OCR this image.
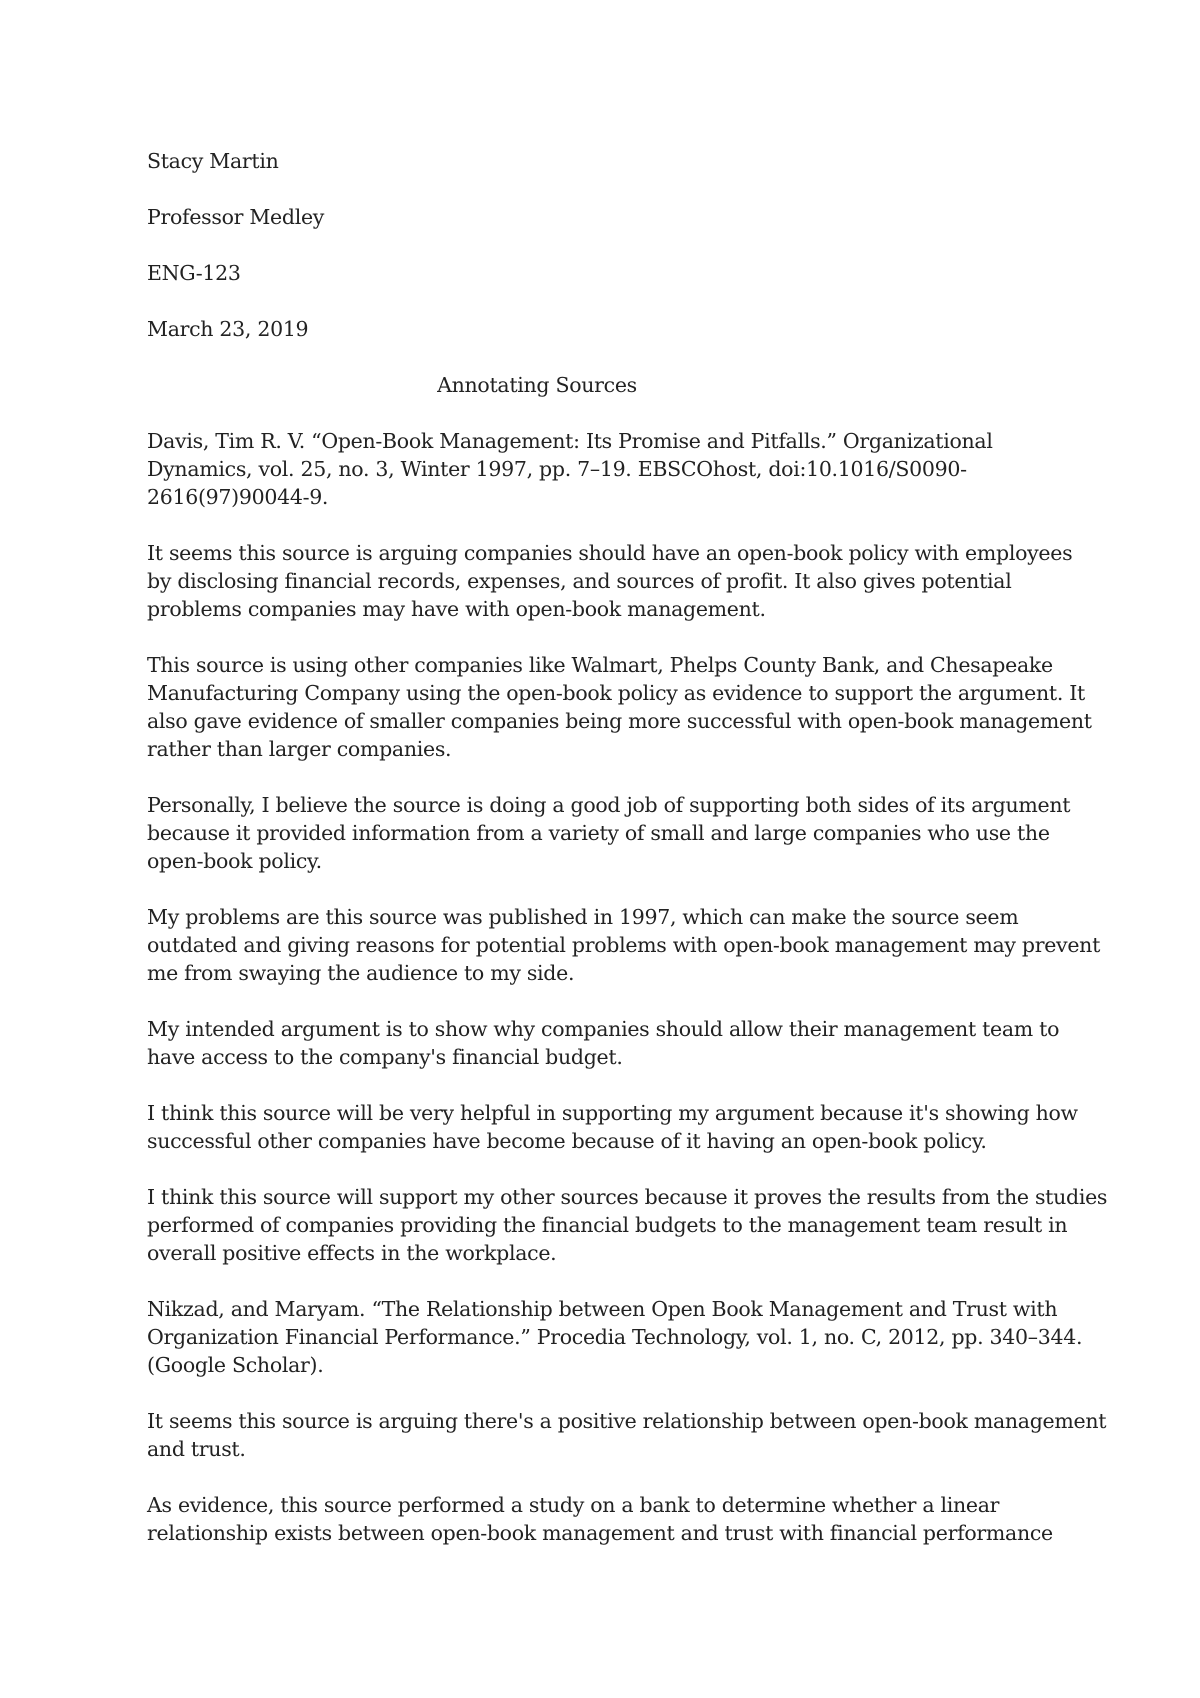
Stacy Martin
Professor Medley
ENG-123
March 23, 2019
Annotating Sources
Davis, Tim R. V. “Open-Book Management: Its Promise and Pitfalls.” Organizational
Dynamics, vol. 25, no. 3, Winter 1997, pp. 7–19. EBSCOhost, doi:10.1016/S0090-
2616(97)90044-9.
It seems this source is arguing companies should have an open-book policy with employees
by disclosing financial records, expenses, and sources of profit. It also gives potential
problems companies may have with open-book management.
This source is using other companies like Walmart, Phelps County Bank, and Chesapeake
Manufacturing Company using the open-book policy as evidence to support the argument. It
also gave evidence of smaller companies being more successful with open-book management
rather than larger companies.
Personally, I believe the source is doing a good job of supporting both sides of its argument
because it provided information from a variety of small and large companies who use the
open-book policy.
My problems are this source was published in 1997, which can make the source seem
outdated and giving reasons for potential problems with open-book management may prevent
me from swaying the audience to my side.
My intended argument is to show why companies should allow their management team to
have access to the company's financial budget.
I think this source will be very helpful in supporting my argument because it's showing how
successful other companies have become because of it having an open-book policy.
I think this source will support my other sources because it proves the results from the studies
performed of companies providing the financial budgets to the management team result in
overall positive effects in the workplace.
Nikzad, and Maryam. “The Relationship between Open Book Management and Trust with
Organization Financial Performance.” Procedia Technology, vol. 1, no. C, 2012, pp. 340–344.
(Google Scholar).
It seems this source is arguing there's a positive relationship between open-book management
and trust.
As evidence, this source performed a study on a bank to determine whether a linear
relationship exists between open-book management and trust with financial performance
